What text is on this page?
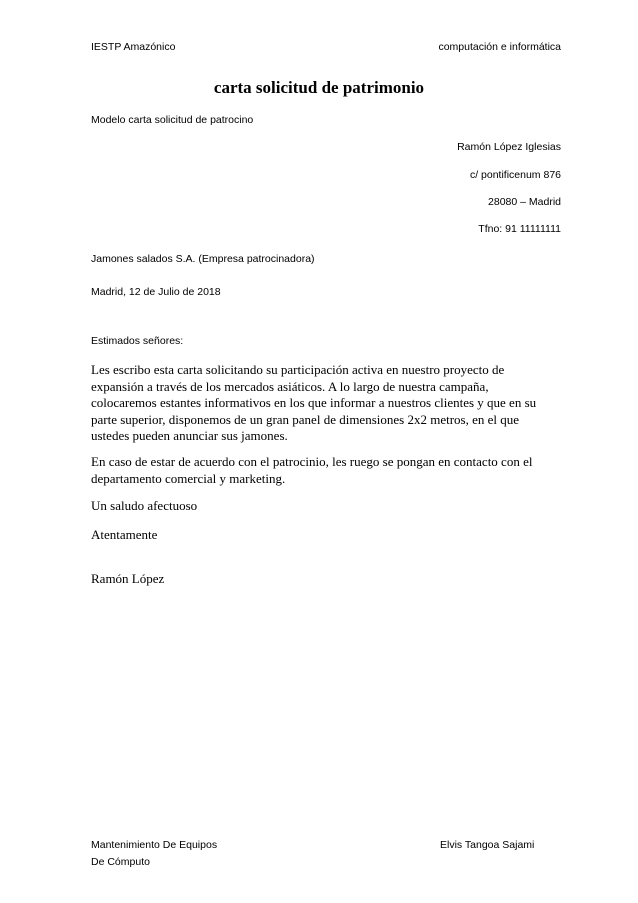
IESTP Amazónico	computación e informática
carta solicitud de patrimonio
Modelo carta solicitud de patrocino
Ramón López Iglesias
c/ pontificenum 876
28080 – Madrid
Tfno: 91 11111111
Jamones salados S.A. (Empresa patrocinadora)
Madrid, 12 de Julio de 2018
Estimados señores:
Les escribo esta carta solicitando su participación activa en nuestro proyecto de expansión a través de los mercados asiáticos. A lo largo de nuestra campaña, colocaremos estantes informativos en los que informar a nuestros clientes y que en su parte superior, disponemos de un gran panel de dimensiones 2x2 metros, en el que ustedes pueden anunciar sus jamones.
En caso de estar de acuerdo con el patrocinio, les ruego se pongan en contacto con el departamento comercial y marketing.
Un saludo afectuoso
Atentamente
Ramón López
Mantenimiento De Equipos
De Cómputo
Elvis Tangoa Sajami
